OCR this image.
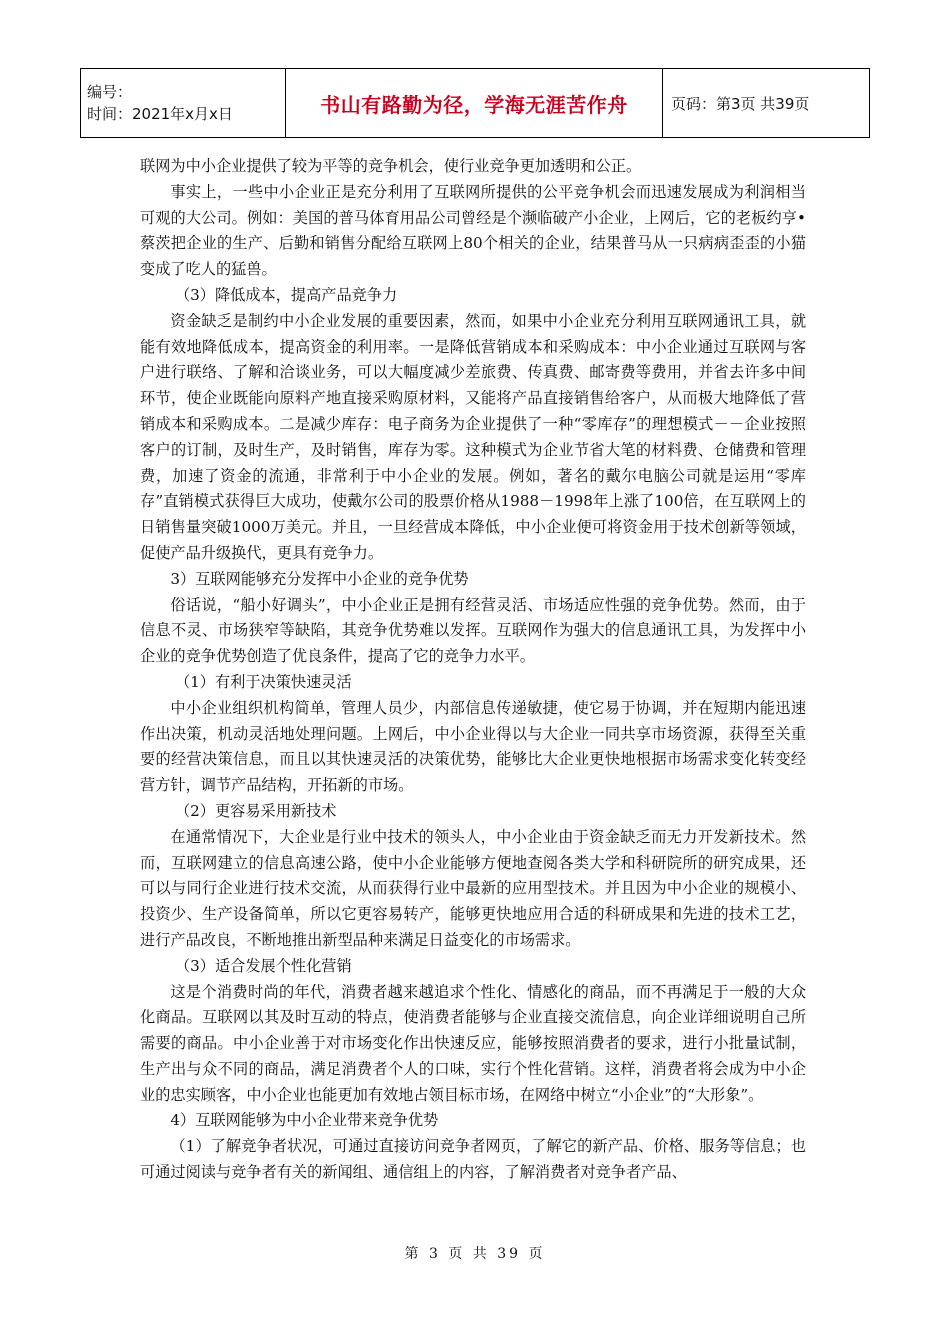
编号：
时间：2021年x月x日	书山有路勤为径，学海无涯苦作舟	页码：第3页 共39页

联网为中小企业提供了较为平等的竞争机会，使行业竞争更加透明和公正。

事实上，一些中小企业正是充分利用了互联网所提供的公平竞争机会而迅速发展成为利润相当可观的大公司。例如：美国的普马体育用品公司曾经是个濒临破产小企业，上网后，它的老板约亨•蔡茨把企业的生产、后勤和销售分配给互联网上80个相关的企业，结果普马从一只病病歪歪的小猫变成了吃人的猛兽。

（3）降低成本，提高产品竞争力

资金缺乏是制约中小企业发展的重要因素，然而，如果中小企业充分利用互联网通讯工具，就能有效地降低成本，提高资金的利用率。一是降低营销成本和采购成本：中小企业通过互联网与客户进行联络、了解和洽谈业务，可以大幅度减少差旅费、传真费、邮寄费等费用，并省去许多中间环节，使企业既能向原料产地直接采购原材料，又能将产品直接销售给客户，从而极大地降低了营销成本和采购成本。二是减少库存：电子商务为企业提供了一种“零库存”的理想模式－－企业按照客户的订制，及时生产，及时销售，库存为零。这种模式为企业节省大笔的材料费、仓储费和管理费，加速了资金的流通，非常利于中小企业的发展。例如，著名的戴尔电脑公司就是运用“零库存”直销模式获得巨大成功，使戴尔公司的股票价格从1988－1998年上涨了100倍，在互联网上的日销售量突破1000万美元。并且，一旦经营成本降低，中小企业便可将资金用于技术创新等领域，促使产品升级换代，更具有竞争力。

3）互联网能够充分发挥中小企业的竞争优势

俗话说，“船小好调头”，中小企业正是拥有经营灵活、市场适应性强的竞争优势。然而，由于信息不灵、市场狭窄等缺陷，其竞争优势难以发挥。互联网作为强大的信息通讯工具，为发挥中小企业的竞争优势创造了优良条件，提高了它的竞争力水平。

（1）有利于决策快速灵活

中小企业组织机构简单，管理人员少，内部信息传递敏捷，使它易于协调，并在短期内能迅速作出决策，机动灵活地处理问题。上网后，中小企业得以与大企业一同共享市场资源，获得至关重要的经营决策信息，而且以其快速灵活的决策优势，能够比大企业更快地根据市场需求变化转变经营方针，调节产品结构，开拓新的市场。

（2）更容易采用新技术

在通常情况下，大企业是行业中技术的领头人，中小企业由于资金缺乏而无力开发新技术。然而，互联网建立的信息高速公路，使中小企业能够方便地查阅各类大学和科研院所的研究成果，还可以与同行企业进行技术交流，从而获得行业中最新的应用型技术。并且因为中小企业的规模小、投资少、生产设备简单，所以它更容易转产，能够更快地应用合适的科研成果和先进的技术工艺，进行产品改良，不断地推出新型品种来满足日益变化的市场需求。

（3）适合发展个性化营销

这是个消费时尚的年代，消费者越来越追求个性化、情感化的商品，而不再满足于一般的大众化商品。互联网以其及时互动的特点，使消费者能够与企业直接交流信息，向企业详细说明自己所需要的商品。中小企业善于对市场变化作出快速反应，能够按照消费者的要求，进行小批量试制，生产出与众不同的商品，满足消费者个人的口味，实行个性化营销。这样，消费者将会成为中小企业的忠实顾客，中小企业也能更加有效地占领目标市场，在网络中树立“小企业”的“大形象”。

4）互联网能够为中小企业带来竞争优势

（1）了解竞争者状况，可通过直接访问竞争者网页，了解它的新产品、价格、服务等信息；也可通过阅读与竞争者有关的新闻组、通信组上的内容，了解消费者对竞争者产品、

第 3 页 共 39 页
